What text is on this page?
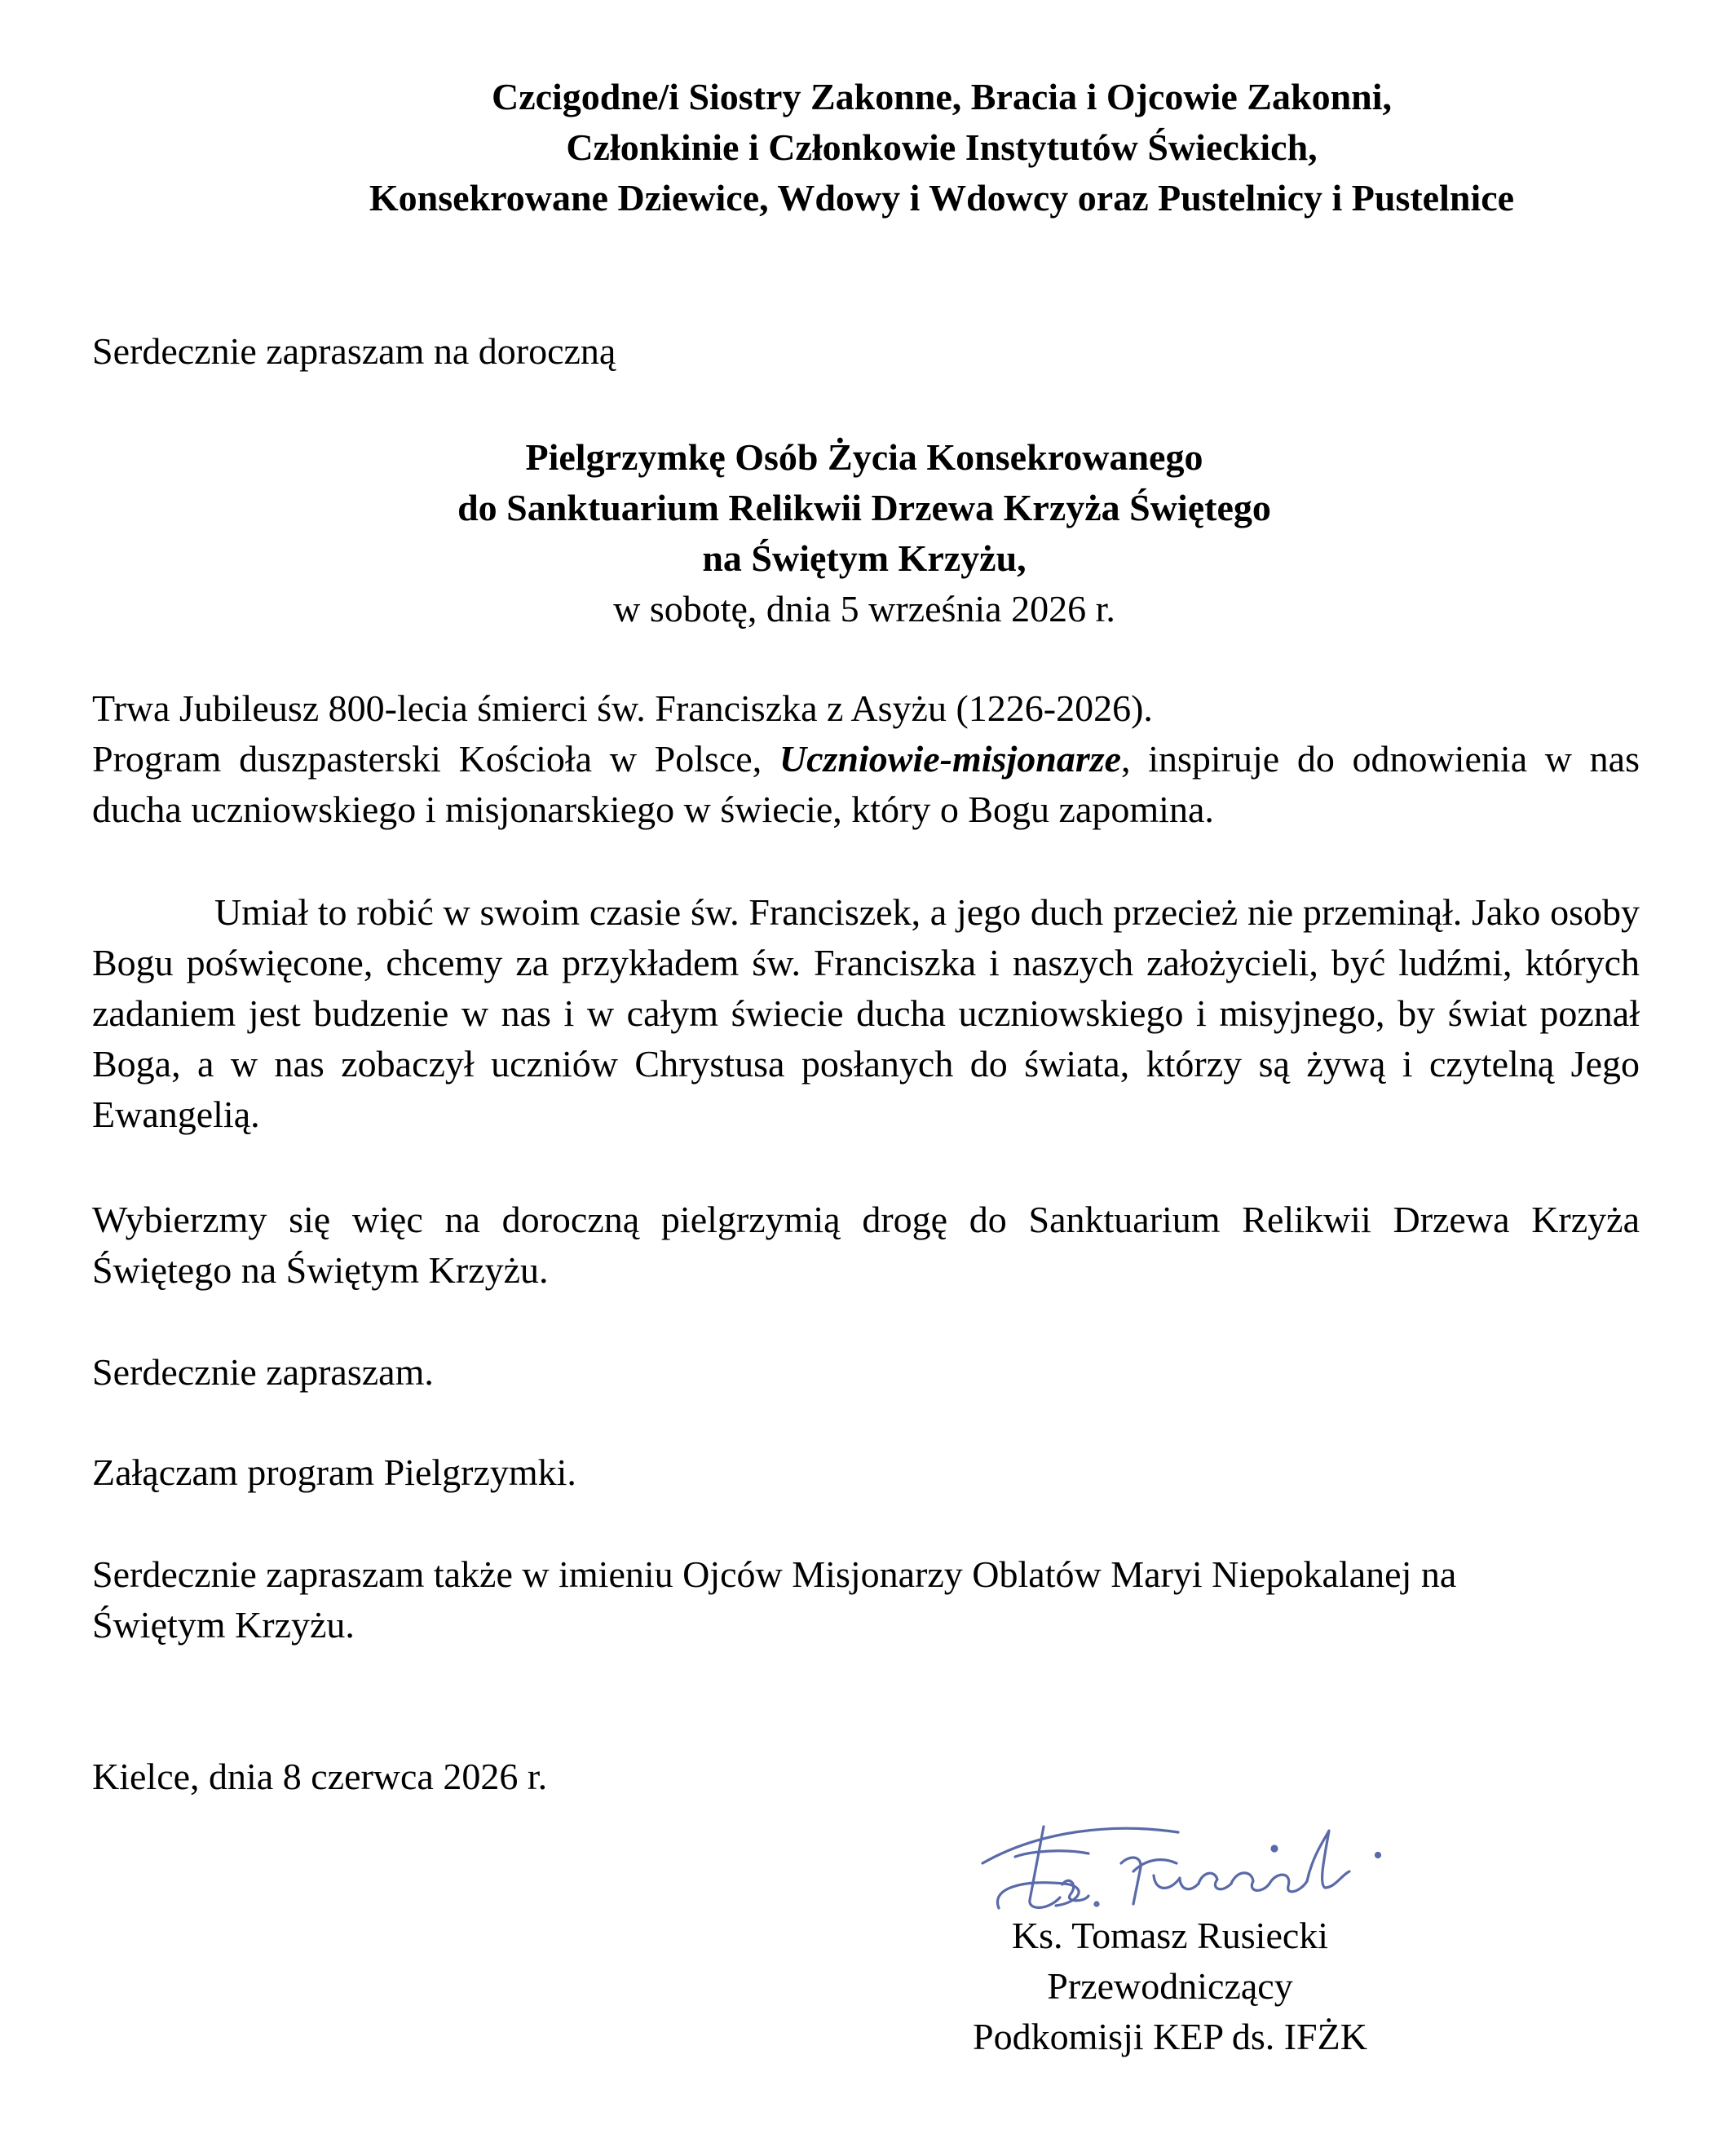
Czcigodne/i Siostry Zakonne, Bracia i Ojcowie Zakonni,
Członkinie i Członkowie Instytutów Świeckich,
Konsekrowane Dziewice, Wdowy i Wdowcy oraz Pustelnicy i Pustelnice

Serdecznie zapraszam na doroczną

Pielgrzymkę Osób Życia Konsekrowanego
do Sanktuarium Relikwii Drzewa Krzyża Świętego
na Świętym Krzyżu,
w sobotę, dnia 5 września 2026 r.
Trwa Jubileusz 800-lecia śmierci św. Franciszka z Asyżu (1226-2026).
Program duszpasterski Kościoła w Polsce, Uczniowie-misjonarze, inspiruje do odnowienia w nas ducha uczniowskiego i misjonarskiego w świecie, który o Bogu zapomina.

Umiał to robić w swoim czasie św. Franciszek, a jego duch przecież nie przeminął. Jako osoby Bogu poświęcone, chcemy za przykładem św. Franciszka i naszych założycieli, być ludźmi, których zadaniem jest budzenie w nas i w całym świecie ducha uczniowskiego i misyjnego, by świat poznał Boga, a w nas zobaczył uczniów Chrystusa posłanych do świata, którzy są żywą i czytelną Jego Ewangelią.

Wybierzmy się więc na doroczną pielgrzymią drogę do Sanktuarium Relikwii Drzewa Krzyża Świętego na Świętym Krzyżu.

Serdecznie zapraszam.

Załączam program Pielgrzymki.

Serdecznie zapraszam także w imieniu Ojców Misjonarzy Oblatów Maryi Niepokalanej na Świętym Krzyżu.

Kielce, dnia 8 czerwca 2026 r.

Ks. Tomasz Rusiecki
Przewodniczący
Podkomisji KEP ds. IFŻK
